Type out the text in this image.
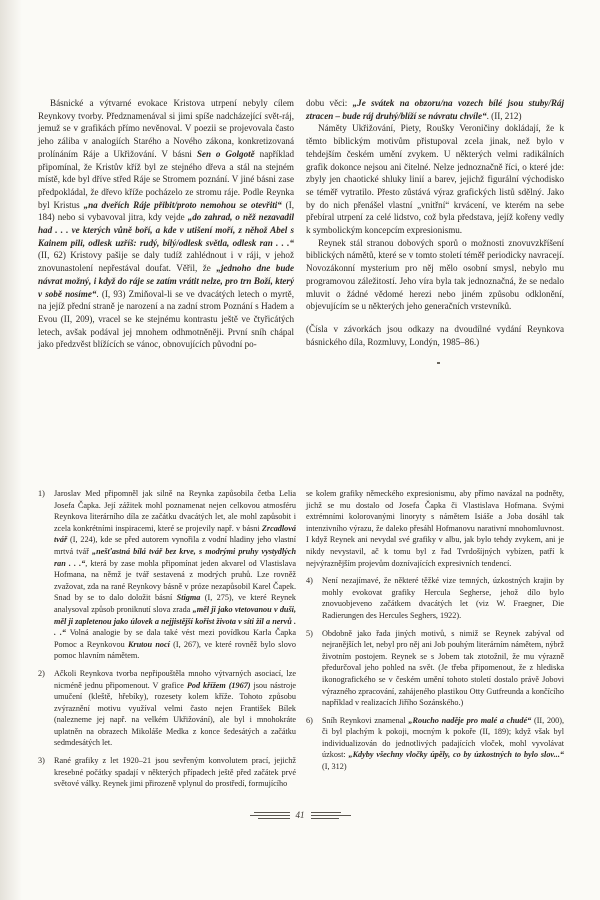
Básnické a výtvarné evokace Kristova utrpení nebyly cílem Reynkovy tvorby. Předznamenával si jimi spíše nadcházející svět-ráj, jemuž se v grafikách přímo nevěnoval. V poezii se projevovala často jeho záliba v analogiích Starého a Nového zákona, konkretizovaná prolínáním Ráje a Ukřižování. V básni Sen o Golgotě například připomínal, že Kristův kříž byl ze stejného dřeva a stál na stejném místě, kde byl dříve střed Ráje se Stromem poznání. V jiné básni zase předpokládal, že dřevo kříže pocházelo ze stromu ráje. Podle Reynka byl Kristus „na dveřích Ráje přibit/proto nemohou se otevřiti“ (I, 184) nebo si vybavoval jitra, kdy vejde „do zahrad, o něž nezavadil had . . . ve kterých vůně boří, a kde v utišení moří, z něhož Abel s Kainem pili, odlesk uzříš: rudý, bílý/odlesk světla, odlesk ran . . .“ (II, 62) Kristovy pašije se daly tudíž zahlédnout i v ráji, v jehož znovunastolení nepřestával doufat. Věřil, že „jednoho dne bude návrat možný, i když do ráje se zatím vrátit nelze, pro trn Boží, který v sobě nosíme“. (I, 93) Zmiňoval-li se ve dvacátých letech o myrtě, na jejíž přední straně je narození a na zadní strom Poznání s Hadem a Evou (II, 209), vracel se ke stejnému kontrastu ještě ve čtyřicátých letech, avšak podával jej mnohem odhmotněněji. První sníh chápal jako předzvěst blížících se vánoc, obnovujících původní po-

dobu věci: „Je svátek na obzoru/na vozech bílé jsou stuby/Ráj ztracen – bude ráj druhý/blíží se návratu chvíle“. (II, 212)

Náměty Ukřižování, Piety, Roušky Veroničiny dokládají, že k těmto biblickým motivům přistupoval zcela jinak, než bylo v tehdejším českém umění zvykem. U některých velmi radikálních grafik dokonce nejsou ani čitelné. Nelze jednoznačně říci, o které jde: zbyly jen chaotické shluky linií a barev, jejichž figurální východisko se téměř vytratilo. Přesto zůstává výraz grafických listů sdělný. Jako by do nich přenášel vlastní „vnitřní“ krvácení, ve kterém na sebe přebíral utrpení za celé lidstvo, což byla představa, jejíž kořeny vedly k symbolickým koncepcím expresionismu.

Reynek stál stranou dobových sporů o možnosti znovuvzkříšení biblických námětů, které se v tomto století téměř periodicky navracejí. Novozákonní mysterium pro něj mělo osobní smysl, nebylo mu programovou záležitostí. Jeho víra byla tak jednoznačná, že se nedalo mluvit o žádné vědomé herezi nebo jiném způsobu odklonění, objevujícím se u některých jeho generačních vrstevníků.

(Čísla v závorkách jsou odkazy na dvoudílné vydání Reynkova básnického díla, Rozmluvy, Londýn, 1985–86.)

1) Jaroslav Med připomněl jak silně na Reynka zapůsobila četba Lelia Josefa Čapka. Její zážitek mohl poznamenat nejen celkovou atmosféru Reynkova literárního díla ze začátku dvacátých let, ale mohl zapůsobit i zcela konkrétními inspiracemi, které se projevily např. v básni Zrcadlová tvář (I, 224), kde se před autorem vynořila z vodní hladiny jeho vlastní mrtvá tvář „nešťastná bílá tvář bez krve, s modrými pruhy vystydlých ran . . .“, která by zase mohla připomínat jeden akvarel od Vlastislava Hofmana, na němž je tvář sestavená z modrých pruhů. Lze rovněž zvažovat, zda na rané Reynkovy básně v próze nezapůsobil Karel Čapek. Snad by se to dalo doložit básní Stigma (I, 275), ve které Reynek analysoval způsob proniknutí slova zrada „měl ji jako vtetovanou v duši, měl ji zapletenou jako úlovek a nejjistější kořist života v síti žil a nervů . . .“ Volná analogie by se dala také vést mezi povídkou Karla Čapka Pomoc a Reynkovou Krutou nocí (I, 267), ve které rovněž bylo slovo pomoc hlavním námětem.
2) Ačkoli Reynkova tvorba nepřipouštěla mnoho výtvarných asociací, lze nicméně jednu připomenout. V grafice Pod křížem (1967) jsou nástroje umučení (kleště, hřebíky), rozesety kolem kříže. Tohoto způsobu zvýraznění motivu využíval velmi často nejen František Bílek (nalezneme jej např. na velkém Ukřižování), ale byl i mnohokráte uplatněn na obrazech Mikoláše Medka z konce šedesátých a začátku sedmdesátých let.
3) Rané grafiky z let 1920–21 jsou sevřeným konvolutem prací, jejichž kresebné počátky spadají v některých případech ještě před začátek prvé světové války. Reynek jimi přirozeně vplynul do prostředí, formujícího
se kolem grafiky německého expresionismu, aby přímo navázal na podněty, jichž se mu dostalo od Josefa Čapka či Vlastislava Hofmana. Svými extrémními kolorovanými linoryty s námětem Isiáše a Joba dosáhl tak intenzivního výrazu, že daleko přesáhl Hofmanovu narativní mnohomluvnost. I když Reynek ani nevydal své grafiky v albu, jak bylo tehdy zvykem, ani je nikdy nevystavil, ač k tomu byl z řad Tvrdošíjných vybízen, patří k nejvýraznějším projevům doznívajících expresivních tendencí.
4) Není nezajímavé, že některé těžké vize temných, úzkostných krajin by mohly evokovat grafiky Hercula Segherse, jehož dílo bylo znovuobjeveno začátkem dvacátých let (viz W. Fraegner, Die Radierungen des Hercules Seghers, 1922).
5) Obdobně jako řada jiných motivů, s nimiž se Reynek zabýval od nejranějších let, nebyl pro něj ani Job pouhým literárním námětem, nýbrž životním postojem. Reynek se s Jobem tak ztotožnil, že mu výrazně předurčoval jeho pohled na svět. (Je třeba připomenout, že z hlediska ikonografického se v českém umění tohoto století dostalo právě Jobovi výrazného zpracování, zahájeného plastikou Otty Gutfreunda a končícího například v realizacích Jiřího Sozánského.)
6) Sníh Reynkovi znamenal „Roucho naděje pro malé a chudé“ (II, 200), či byl plachým k pokoji, mocným k pokoře (II, 189); když však byl individualizován do jednotlivých padajících vloček, mohl vyvolávat úzkost: „Kdyby všechny vločky úpěly, co by úzkostných to bylo slov...“ (I, 312)
41
